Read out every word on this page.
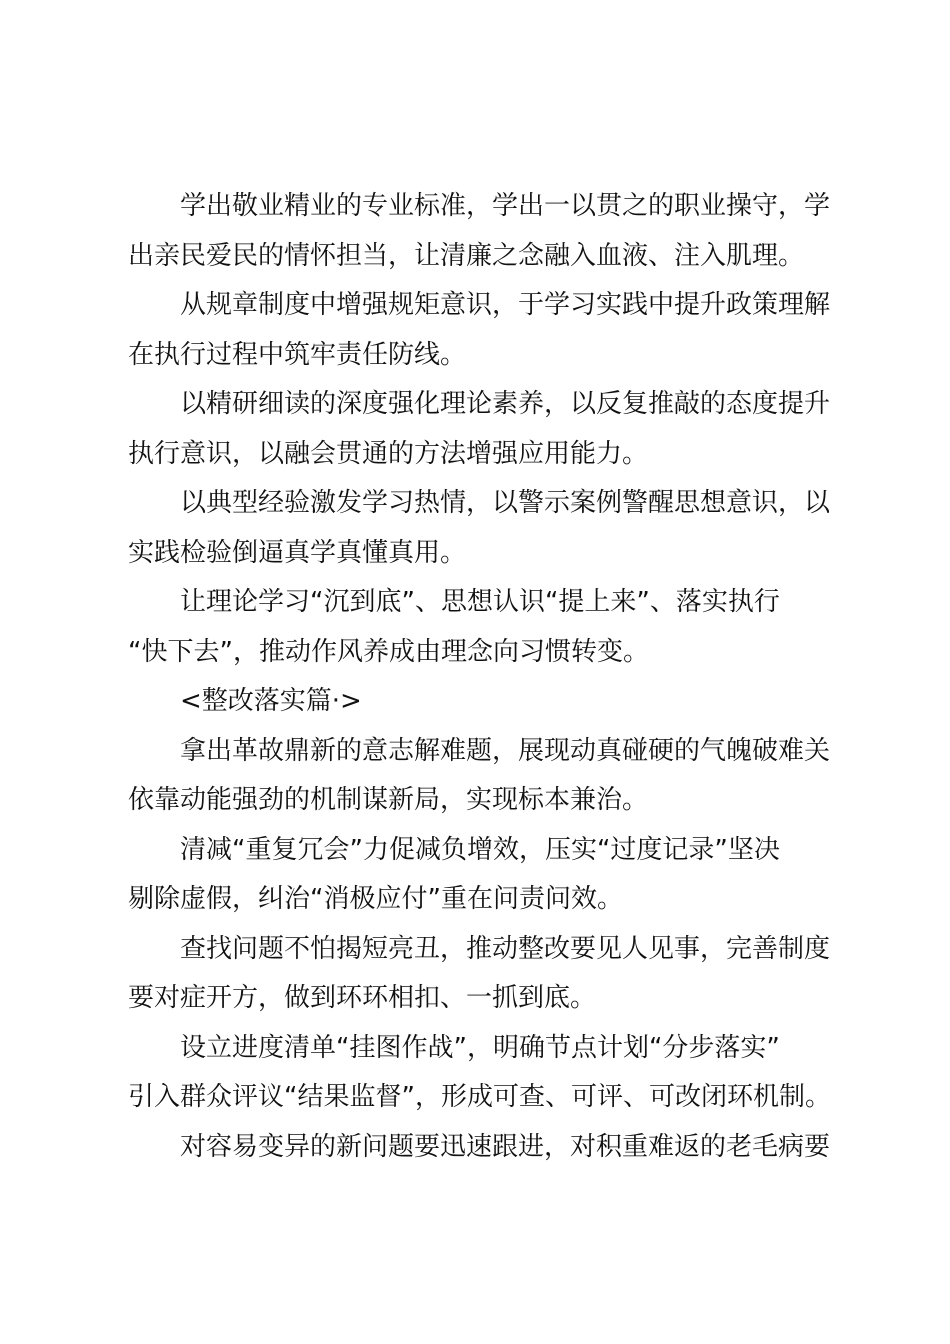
学出敬业精业的专业标准，学出一以贯之的职业操守，学
出亲民爱民的情怀担当，让清廉之念融入血液、注入肌理。
从规章制度中增强规矩意识，于学习实践中提升政策理解
在执行过程中筑牢责任防线。
以精研细读的深度强化理论素养，以反复推敲的态度提升
执行意识，以融会贯通的方法增强应用能力。
以典型经验激发学习热情，以警示案例警醒思想意识，以
实践检验倒逼真学真懂真用。
让理论学习“沉到底”、思想认识“提上来”、落实执行
“快下去”，推动作风养成由理念向习惯转变。
<整改落实篇·>
拿出革故鼎新的意志解难题，展现动真碰硬的气魄破难关
依靠动能强劲的机制谋新局，实现标本兼治。
清减“重复冗会”力促减负增效，压实“过度记录”坚决
剔除虚假，纠治“消极应付”重在问责问效。
查找问题不怕揭短亮丑，推动整改要见人见事，完善制度
要对症开方，做到环环相扣、一抓到底。
设立进度清单“挂图作战”，明确节点计划“分步落实”
引入群众评议“结果监督”，形成可查、可评、可改闭环机制。
对容易变异的新问题要迅速跟进，对积重难返的老毛病要
